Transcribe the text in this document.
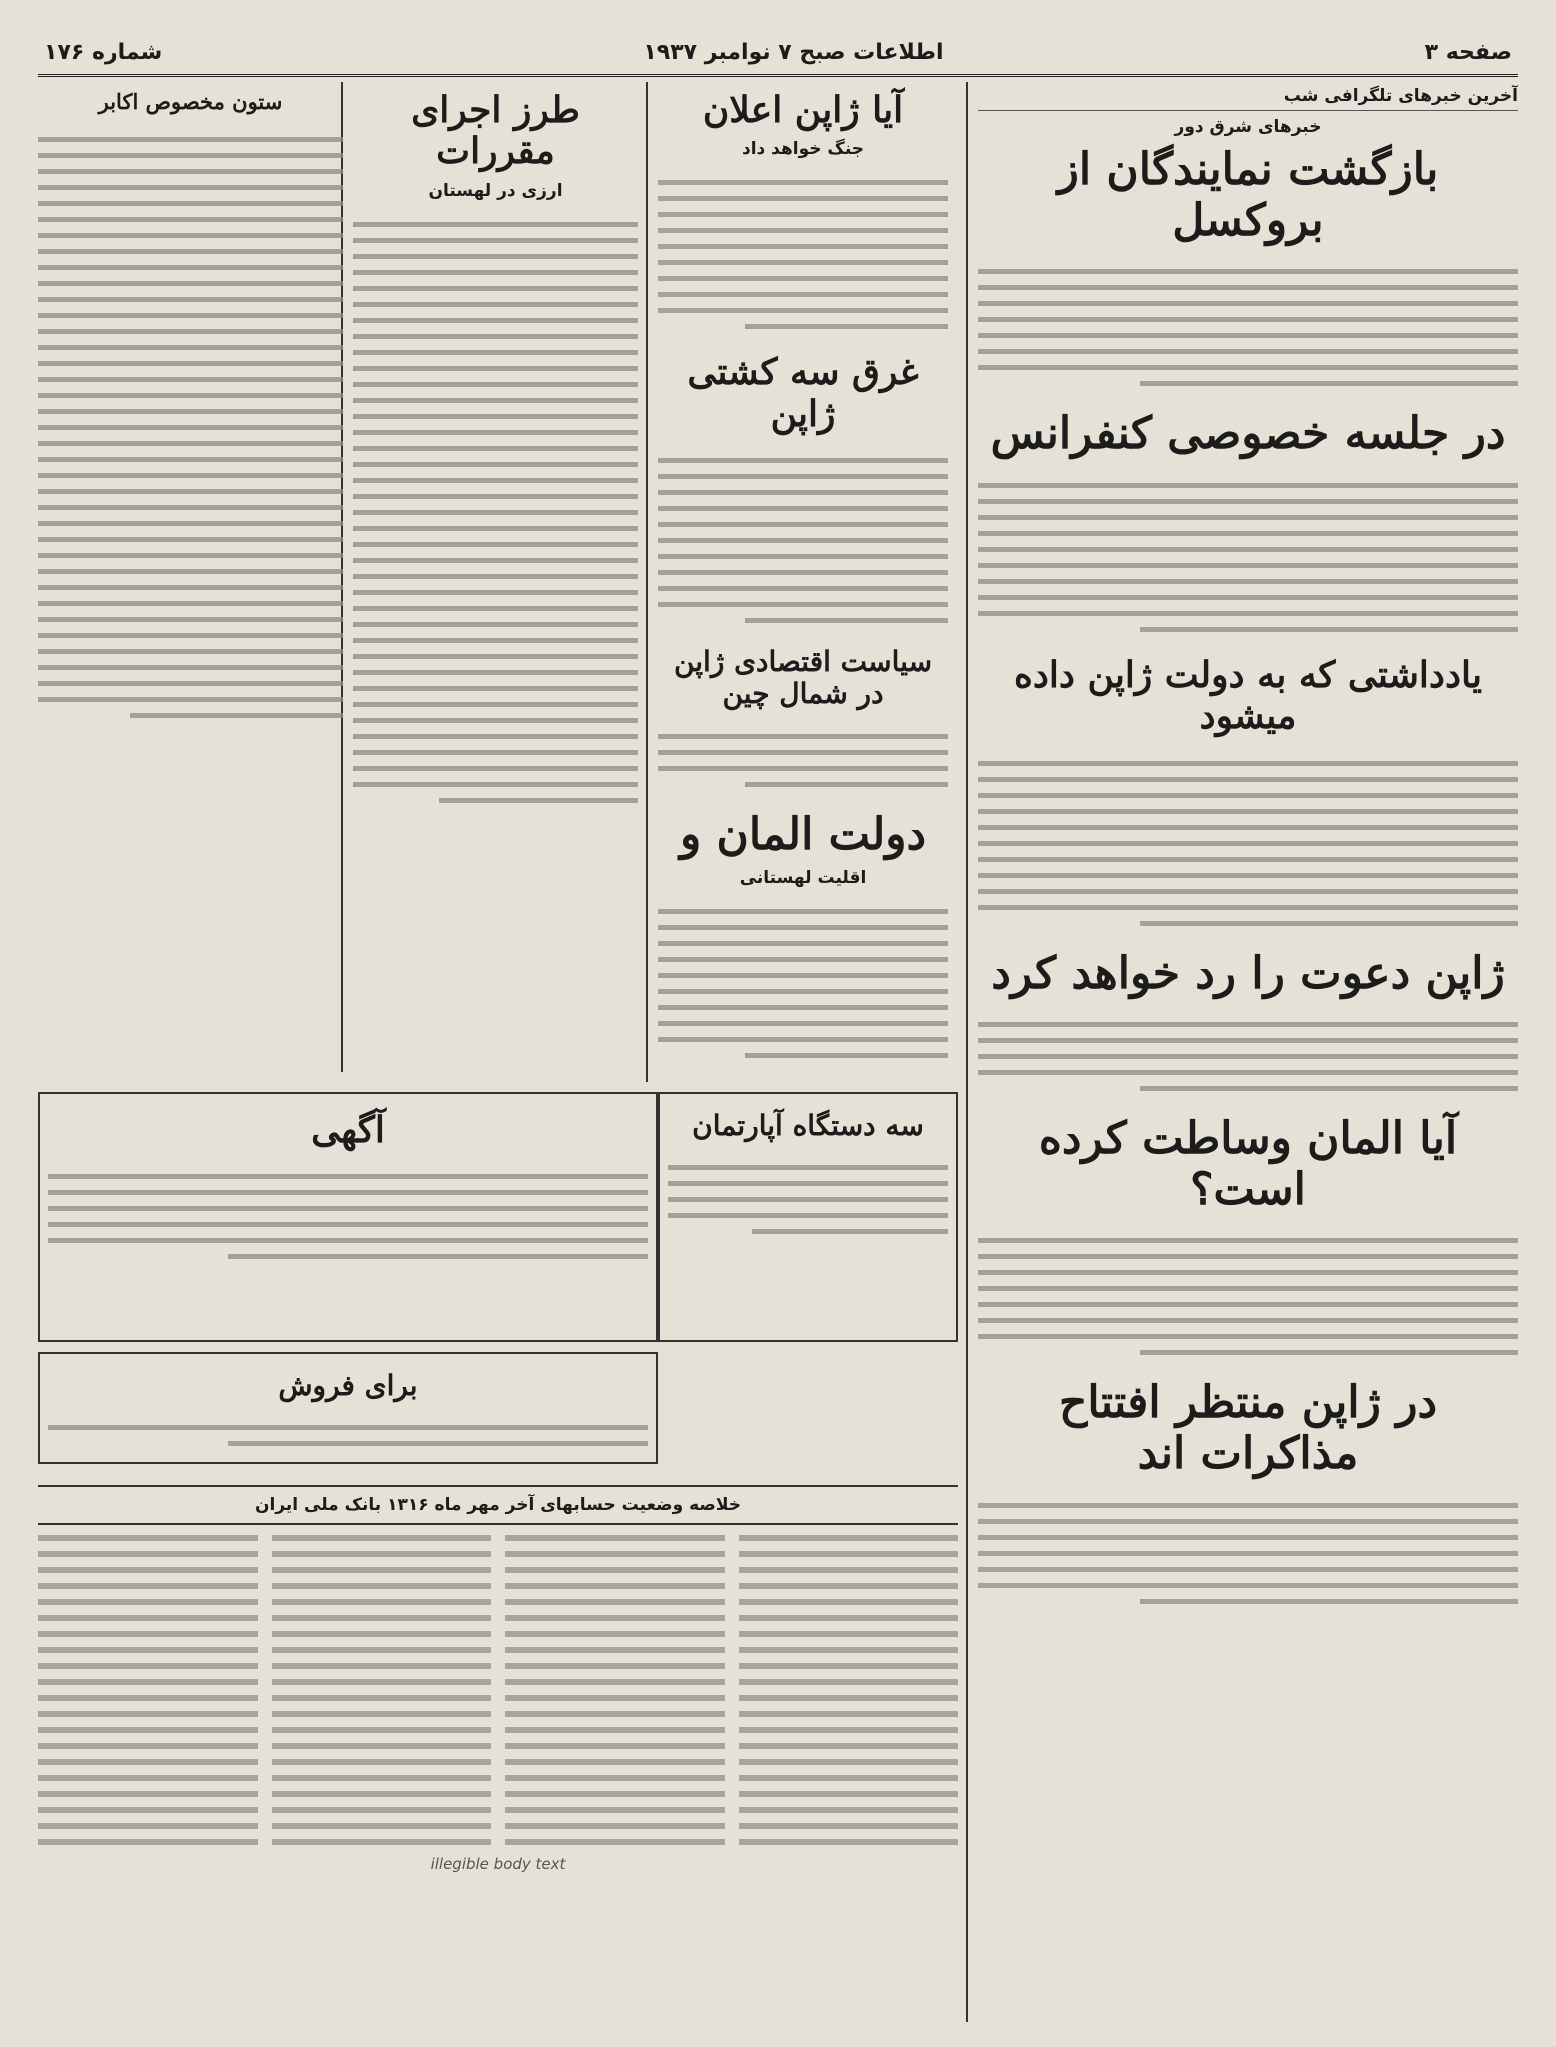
صفحه ۳
اطلاعات صبح ۷ نوامبر ۱۹۳۷
شماره ۱۷۶
آخرین خبرهای تلگرافی شب
خبرهای شرق دور
بازگشت نمایندگان از بروکسل
در جلسه خصوصی کنفرانس
یادداشتی که به دولت ژاپن داده میشود
ژاپن دعوت را رد خواهد کرد
آیا المان وساطت کرده است؟
در ژاپن منتظر افتتاح مذاکرات اند
آیا ژاپن اعلان
جنگ خواهد داد
غرق سه کشتی ژاپن
سیاست اقتصادی ژاپن در شمال چین
دولت المان و
اقلیت لهستانی
طرز اجرای مقررات
ارزی در لهستان
ستون مخصوص اکابر
آگهی	سه دستگاه آپارتمان
برای فروش
خلاصه وضعیت حسابهای آخر مهر ماه ۱۳۱۶ بانک ملی ایران
illegible body text
